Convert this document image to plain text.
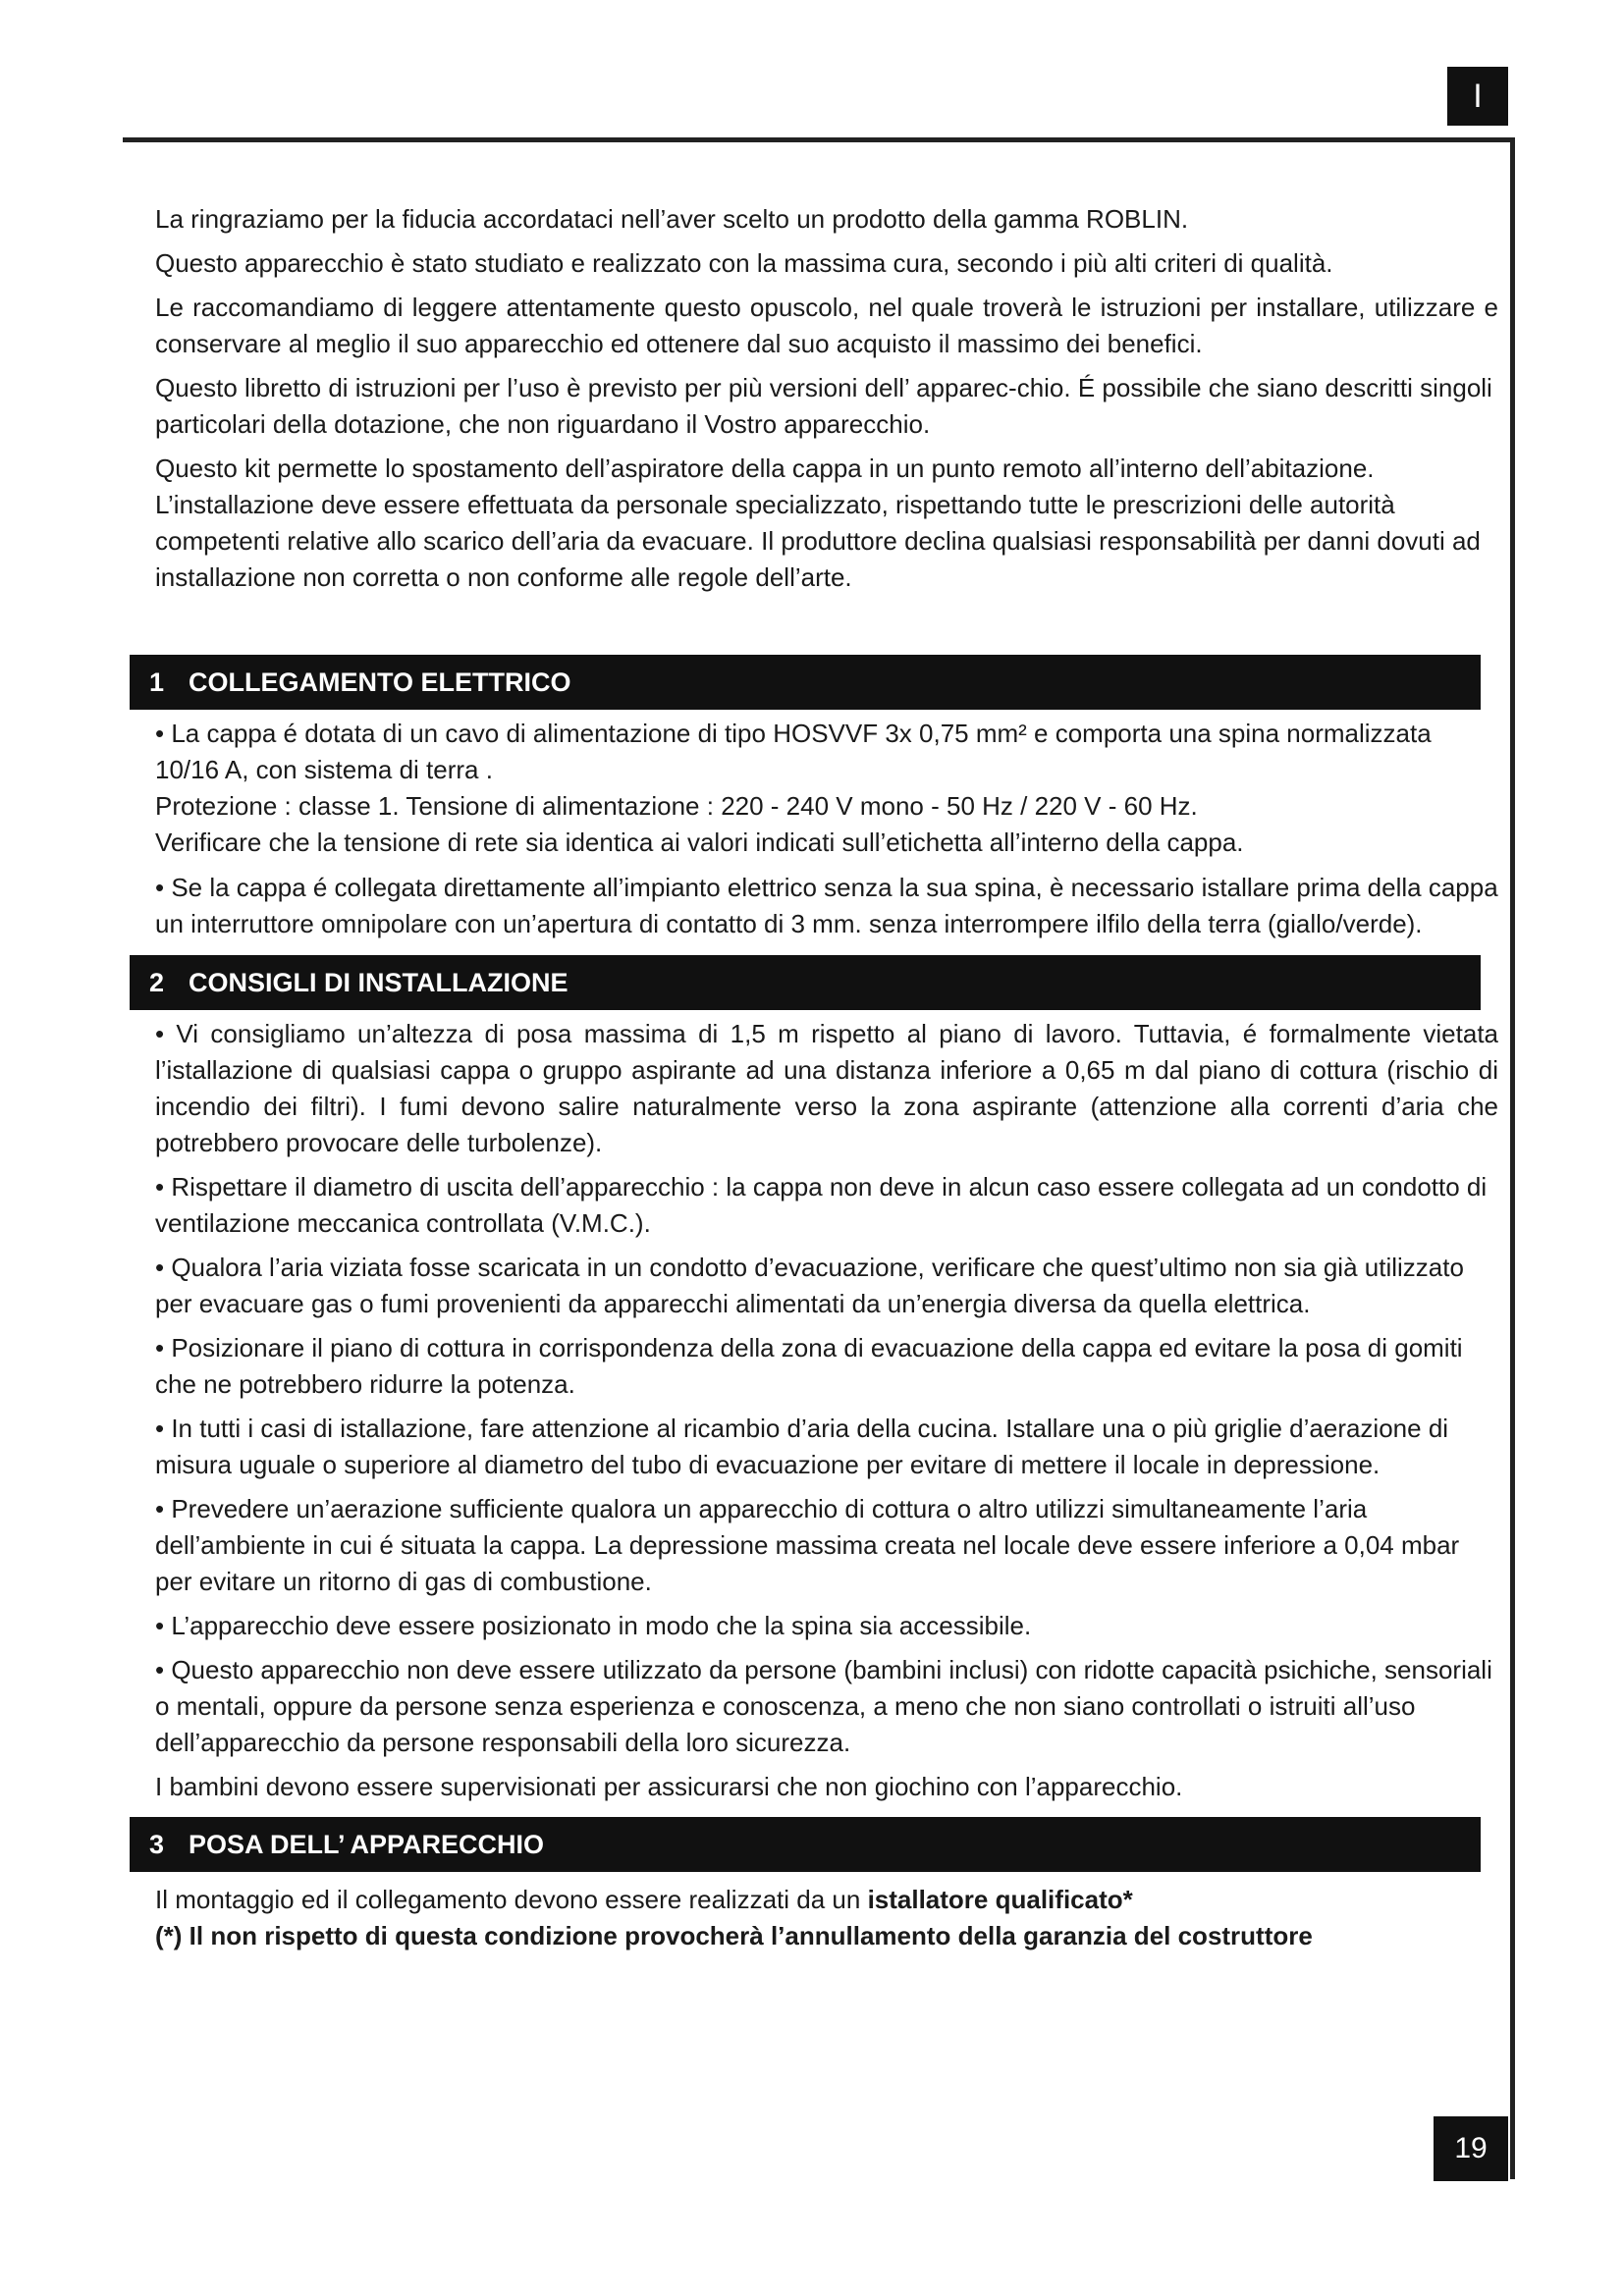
I

La ringraziamo per la fiducia accordataci nell’aver scelto un prodotto della gamma ROBLIN.

Questo apparecchio è stato studiato e realizzato con la massima cura, secondo i più alti criteri di qualità.

Le raccomandiamo di leggere attentamente questo opuscolo, nel quale troverà le istruzioni per installare, utilizzare e conservare al meglio il suo apparecchio ed ottenere dal suo acquisto il massimo dei benefici.

Questo libretto di istruzioni per l’uso è previsto per più versioni dell’ apparec-chio. É possibile che siano descritti singoli particolari della dotazione, che non riguardano il Vostro apparecchio.

Questo kit permette lo spostamento dell’aspiratore della cappa in un punto remoto all’interno dell’abitazione. L’installazione deve essere effettuata da personale specializzato, rispettando tutte le prescrizioni delle autorità competenti relative allo scarico dell’aria da evacuare. Il produttore declina qualsiasi responsabilità per danni dovuti ad installazione non corretta o non conforme alle regole dell’arte.

1 COLLEGAMENTO ELETTRICO

• La cappa é dotata di un cavo di alimentazione di tipo HOSVVF 3x 0,75 mm² e comporta una spina normalizzata 10/16 A, con sistema di terra .

Protezione : classe 1. Tensione di alimentazione : 220 - 240 V mono - 50 Hz / 220 V - 60 Hz.

Verificare che la tensione di rete sia identica ai valori indicati sull’etichetta all’interno della cappa.

• Se la cappa é collegata direttamente all’impianto elettrico senza la sua spina, è necessario istallare prima della cappa un interruttore omnipolare con un’apertura di contatto di 3 mm. senza interrompere ilfilo della terra (giallo/verde).

2 CONSIGLI DI INSTALLAZIONE

• Vi consigliamo un’altezza di posa massima di 1,5 m rispetto al piano di lavoro. Tuttavia, é formalmente vietata l’istallazione di qualsiasi cappa o gruppo aspirante ad una distanza inferiore a 0,65 m dal piano di cottura (rischio di incendio dei filtri). I fumi devono salire naturalmente verso la zona aspirante (attenzione alla correnti d’aria che potrebbero provocare delle turbolenze).

• Rispettare il diametro di uscita dell’apparecchio : la cappa non deve in alcun caso essere collegata ad un condotto di ventilazione meccanica controllata (V.M.C.).

• Qualora l’aria viziata fosse scaricata in un condotto d’evacuazione, verificare che quest’ultimo non sia già utilizzato per evacuare gas o fumi provenienti da apparecchi alimentati da un’energia diversa da quella elettrica.

• Posizionare il piano di cottura in corrispondenza della zona di evacuazione della cappa ed evitare la posa di gomiti che ne potrebbero ridurre la potenza.

• In tutti i casi di istallazione, fare attenzione al ricambio d’aria della cucina. Istallare una o più griglie d’aerazione di misura uguale o superiore al diametro del tubo di evacuazione per evitare di mettere il locale in depressione.

• Prevedere un’aerazione sufficiente qualora un apparecchio di cottura o altro utilizzi simultaneamente l’aria dell’ambiente in cui é situata la cappa. La depressione massima creata nel locale deve essere inferiore a 0,04 mbar per evitare un ritorno di gas di combustione.

• L’apparecchio deve essere posizionato in modo che la spina sia accessibile.

• Questo apparecchio non deve essere utilizzato da persone (bambini inclusi) con ridotte capacità psichiche, sensoriali o mentali, oppure da persone senza esperienza e conoscenza, a meno che non siano controllati o istruiti all’uso dell’apparecchio da persone responsabili della loro sicurezza.

I bambini devono essere supervisionati per assicurarsi che non giochino con l’apparecchio.

3 POSA DELL’ APPARECCHIO

Il montaggio ed il collegamento devono essere realizzati da un istallatore qualificato*

(*) Il non rispetto di questa condizione provocherà l’annullamento della garanzia del costruttore

19
